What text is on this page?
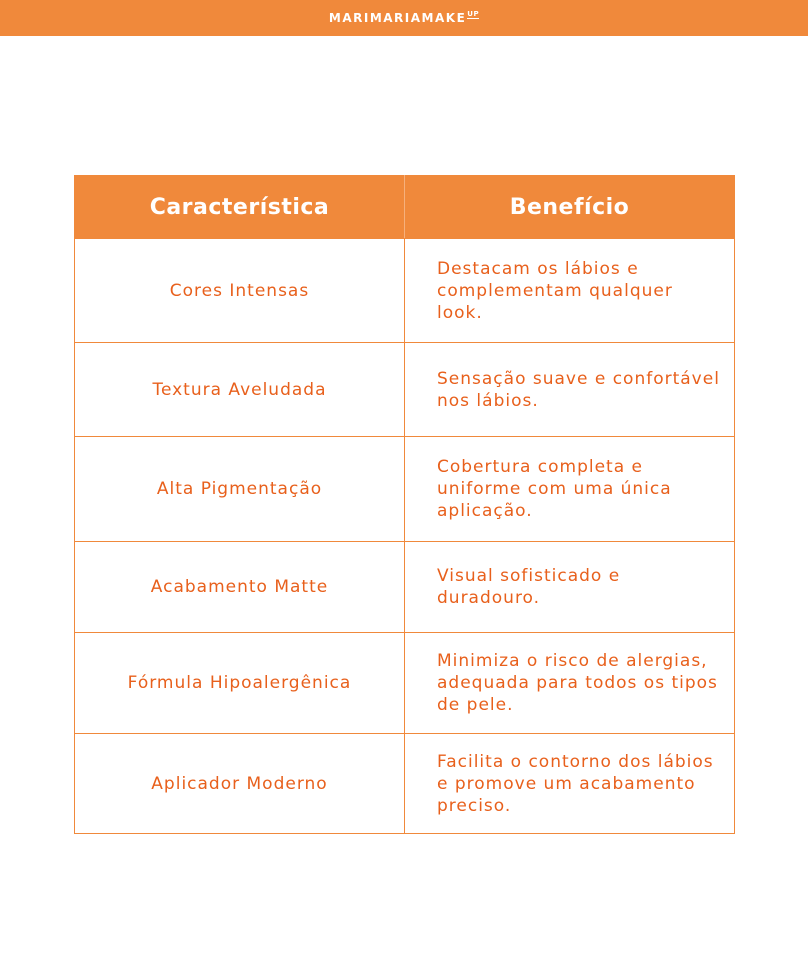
MARIMARIAMAKE UP
Característica	Benefício
Cores Intensas	Destacam os lábios e complementam qualquer look.
Textura Aveludada	Sensação suave e confortável nos lábios.
Alta Pigmentação	Cobertura completa e uniforme com uma única aplicação.
Acabamento Matte	Visual sofisticado e duradouro.
Fórmula Hipoalergênica	Minimiza o risco de alergias, adequada para todos os tipos de pele.
Aplicador Moderno	Facilita o contorno dos lábios e promove um acabamento preciso.
